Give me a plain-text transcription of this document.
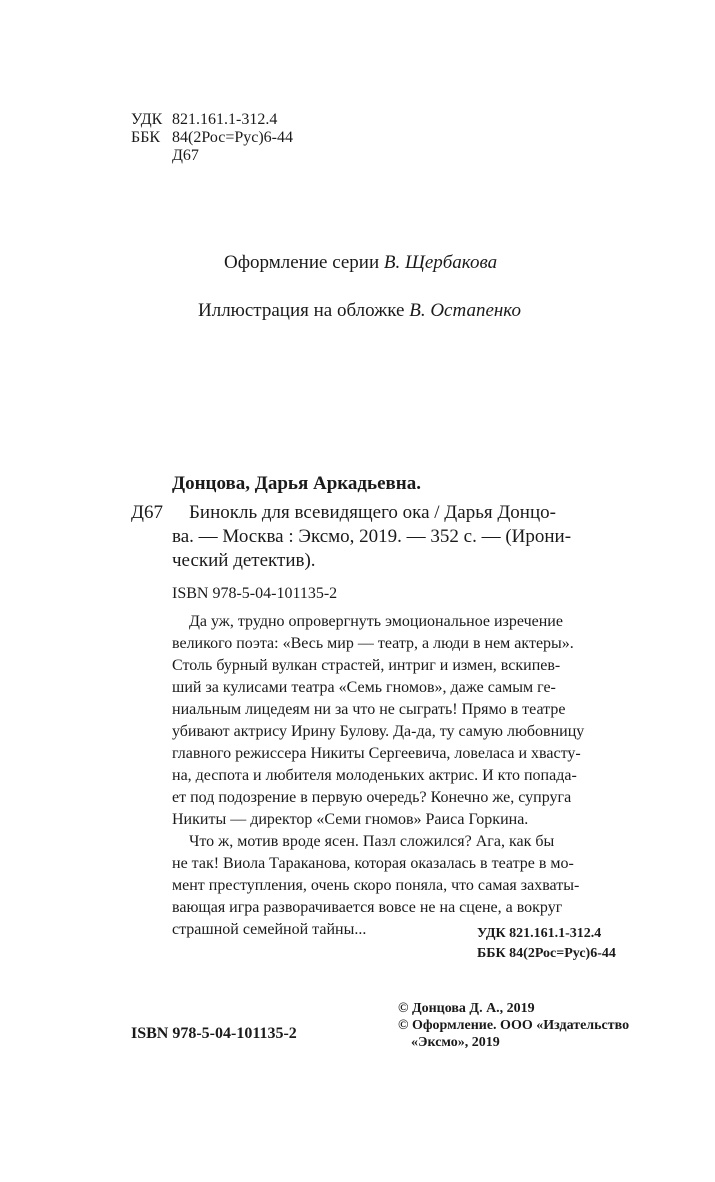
УДК 821.161.1-312.4
ББК 84(2Рос=Рус)6-44
Д67
Оформление серии В. Щербакова
Иллюстрация на обложке В. Остапенко
Донцова, Дарья Аркадьевна.
Д67 Бинокль для всевидящего ока / Дарья Донцо-
ва. — Москва : Эксмо, 2019. — 352 с. — (Ирони-
ческий детектив).
ISBN 978-5-04-101135-2
Да уж, трудно опровергнуть эмоциональное изречение
великого поэта: «Весь мир — театр, а люди в нем актеры».
Столь бурный вулкан страстей, интриг и измен, вскипев-
ший за кулисами театра «Семь гномов», даже самым ге-
ниальным лицедеям ни за что не сыграть! Прямо в театре
убивают актрису Ирину Булову. Да-да, ту самую любовницу
главного режиссера Никиты Сергеевича, ловеласа и хвасту-
на, деспота и любителя молоденьких актрис. И кто попада-
ет под подозрение в первую очередь? Конечно же, супруга
Никиты — директор «Семи гномов» Раиса Горкина.
Что ж, мотив вроде ясен. Пазл сложился? Ага, как бы
не так! Виола Тараканова, которая оказалась в театре в мо-
мент преступления, очень скоро поняла, что самая захваты-
вающая игра разворачивается вовсе не на сцене, а вокруг
страшной семейной тайны...	УДК 821.161.1-312.4
ББК 84(2Рос=Рус)6-44
© Донцова Д. А., 2019
© Оформление. ООО «Издательство
«Эксмо», 2019
ISBN 978-5-04-101135-2
